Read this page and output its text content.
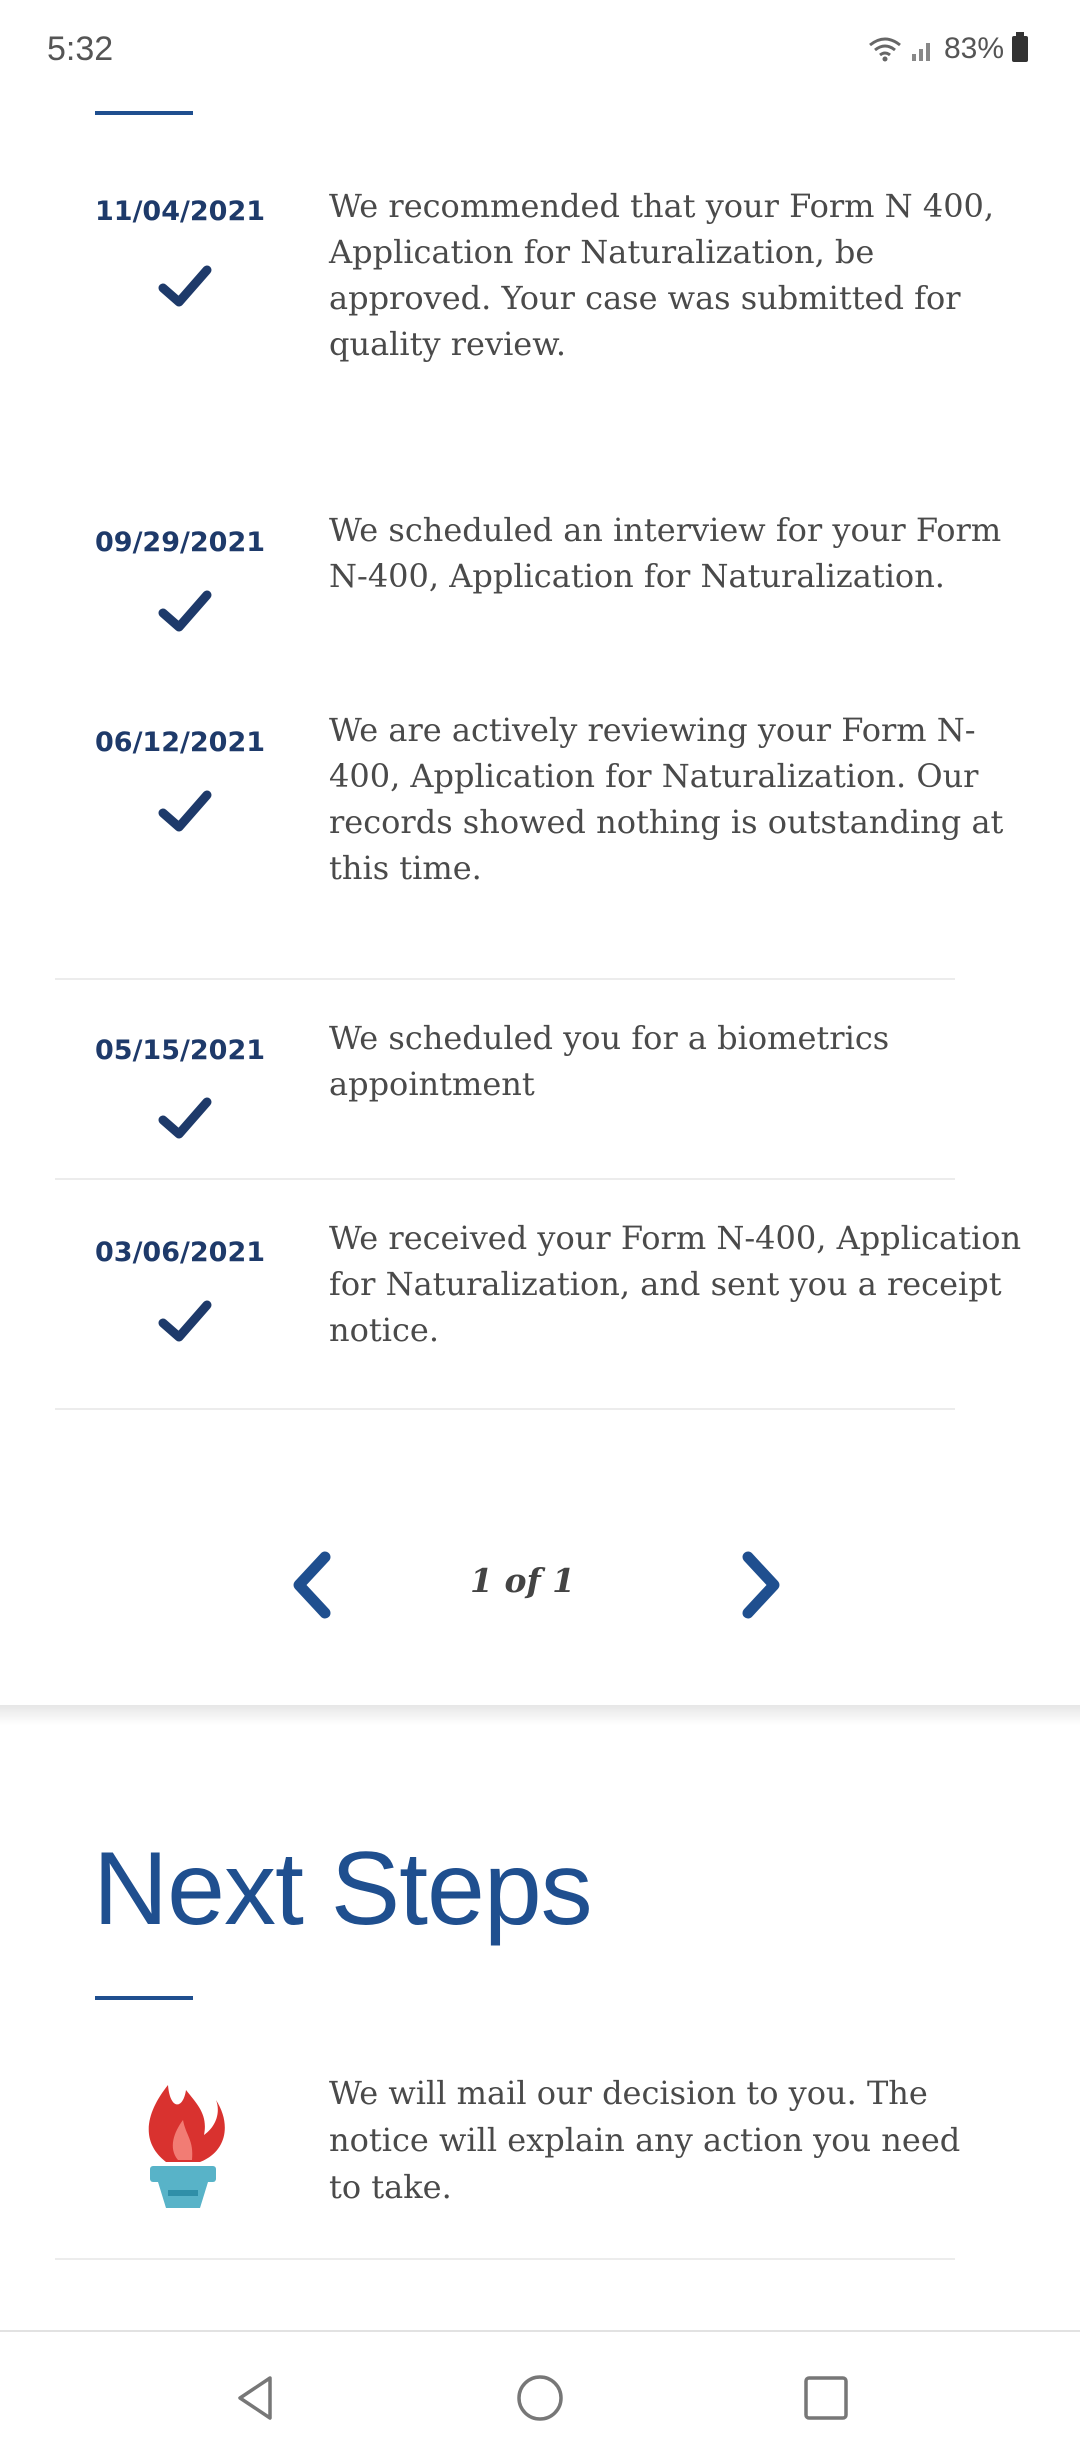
5:32	83%
11/04/2021 We recommended that your Form N 400, Application for Naturalization, be approved. Your case was submitted for quality review.
09/29/2021 We scheduled an interview for your Form N-400, Application for Naturalization.
06/12/2021 We are actively reviewing your Form N-400, Application for Naturalization. Our records showed nothing is outstanding at this time.
05/15/2021 We scheduled you for a biometrics appointment
03/06/2021 We received your Form N-400, Application for Naturalization, and sent you a receipt notice.
1 of 1
Next Steps
We will mail our decision to you. The notice will explain any action you need to take.
